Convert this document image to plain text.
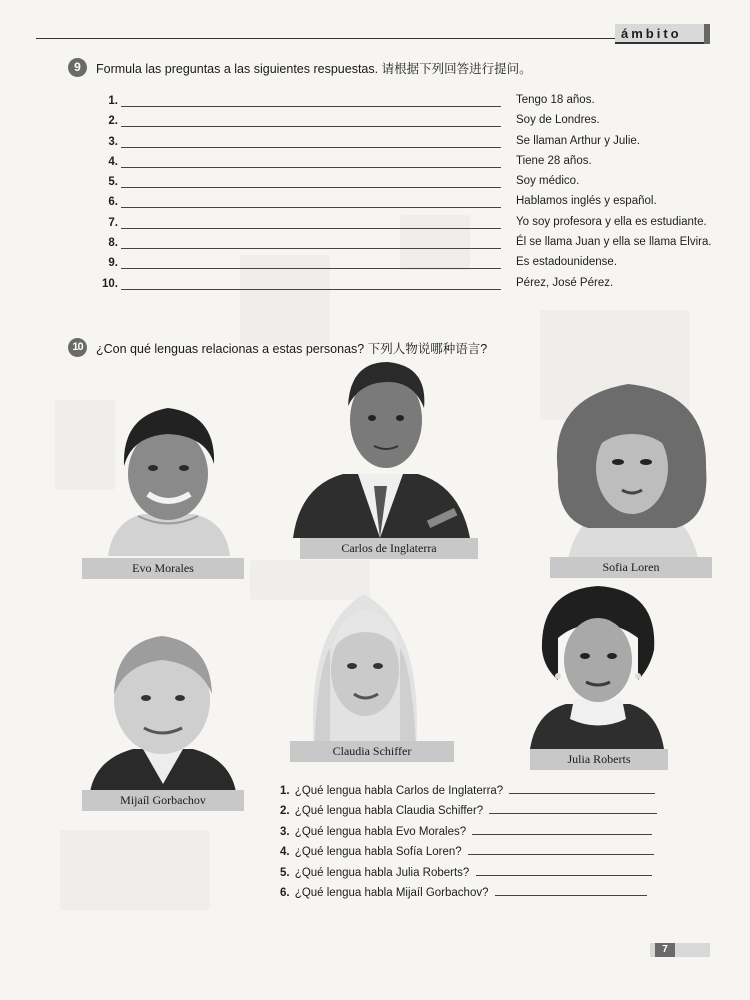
ámbito
9	Formula las preguntas a las siguientes respuestas. 请根据下列回答进行提问。
1.	Tengo 18 años.
2.	Soy de Londres.
3.	Se llaman Arthur y Julie.
4.	Tiene 28 años.
5.	Soy médico.
6.	Hablamos inglés y español.
7.	Yo soy profesora y ella es estudiante.
8.	Él se llama Juan y ella se llama Elvira.
9.	Es estadounidense.
10.	Pérez, José Pérez.
10	¿Con qué lenguas relacionas a estas personas? 下列人物说哪种语言?
Evo Morales
Carlos de Inglaterra
Sofia Loren
Mijaíl Gorbachov
Claudia Schiffer
Julia Roberts
1. ¿Qué lengua habla Carlos de Inglaterra?
2. ¿Qué lengua habla Claudia Schiffer?
3. ¿Qué lengua habla Evo Morales?
4. ¿Qué lengua habla Sofía Loren?
5. ¿Qué lengua habla Julia Roberts?
6. ¿Qué lengua habla Mijaíl Gorbachov?
7
